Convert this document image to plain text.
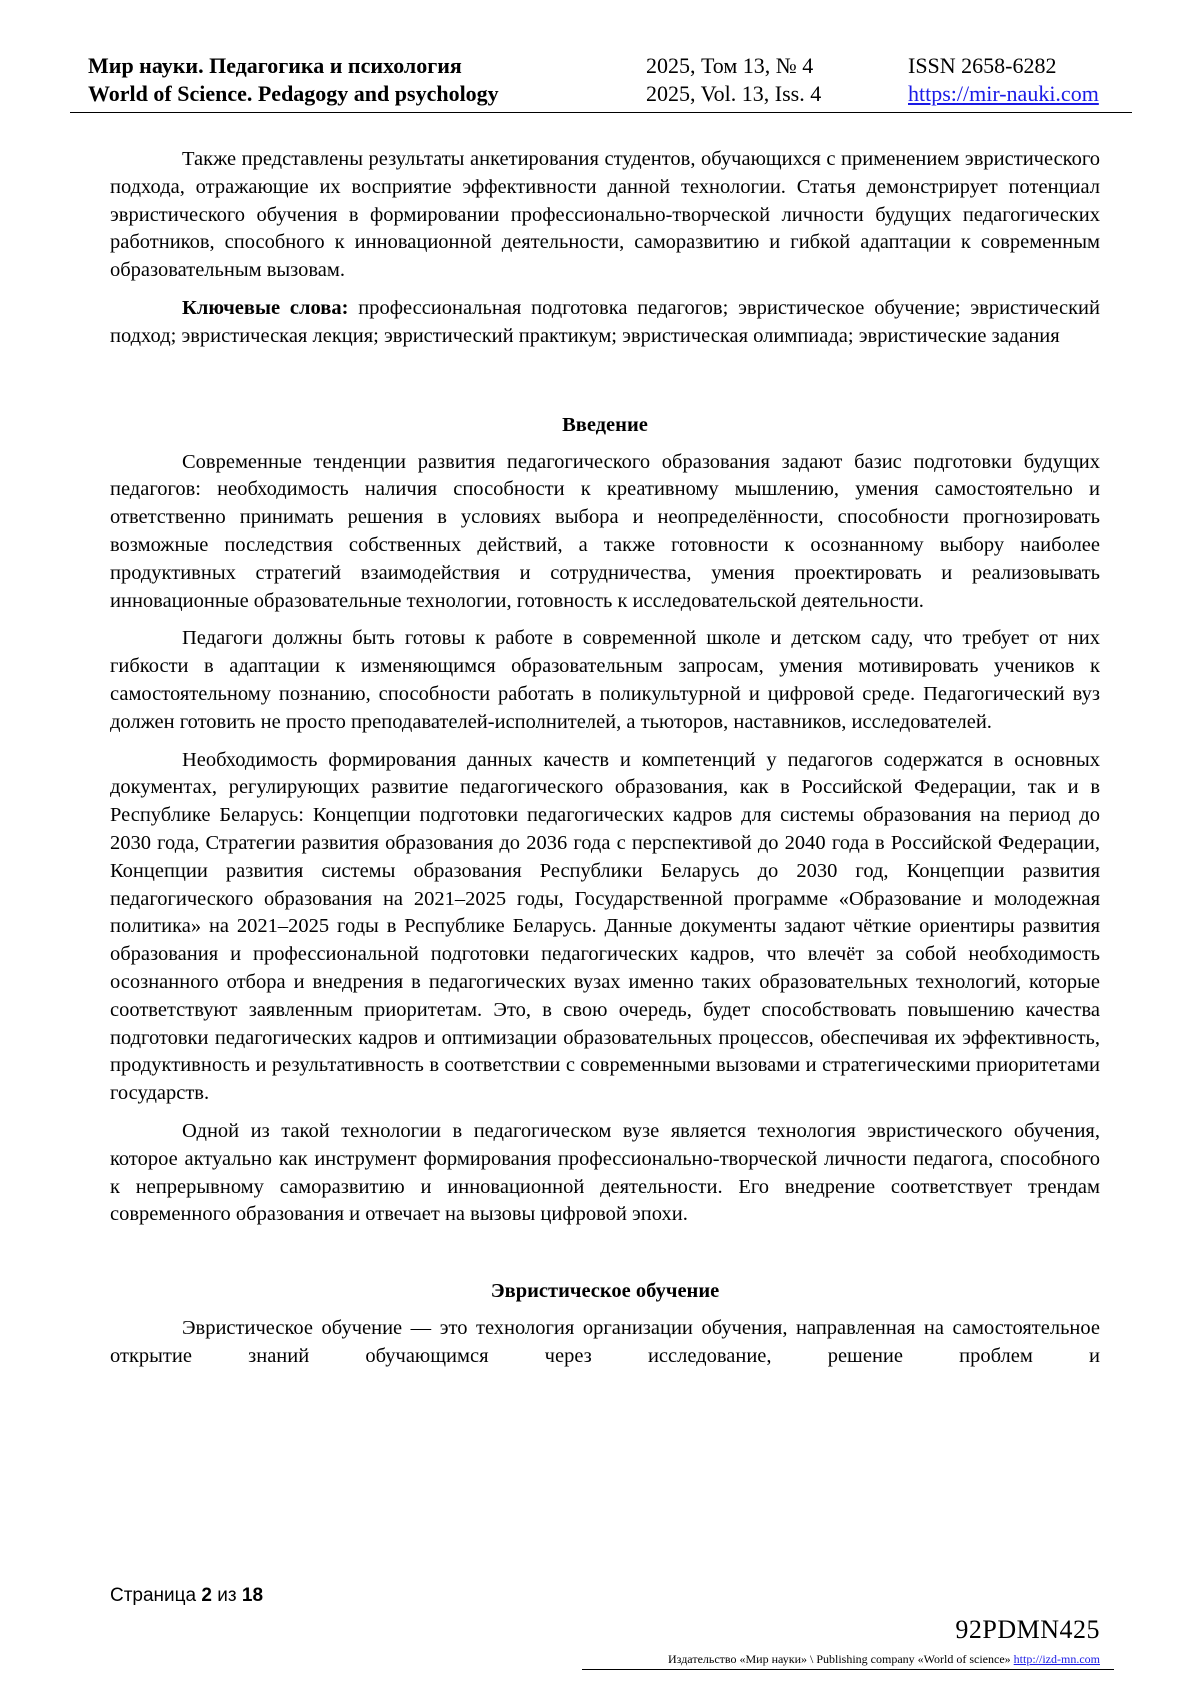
Мир науки. Педагогика и психология
World of Science. Pedagogy and psychology
2025, Том 13, № 4
2025, Vol. 13, Iss. 4
ISSN 2658-6282
https://mir-nauki.com

Также представлены результаты анкетирования студентов, обучающихся с применением эвристического подхода, отражающие их восприятие эффективности данной технологии. Статья демонстрирует потенциал эвристического обучения в формировании профессионально-творческой личности будущих педагогических работников, способного к инновационной деятельности, саморазвитию и гибкой адаптации к современным образовательным вызовам.

Ключевые слова: профессиональная подготовка педагогов; эвристическое обучение; эвристический подход; эвристическая лекция; эвристический практикум; эвристическая олимпиада; эвристические задания

Введение

Современные тенденции развития педагогического образования задают базис подготовки будущих педагогов: необходимость наличия способности к креативному мышлению, умения самостоятельно и ответственно принимать решения в условиях выбора и неопределённости, способности прогнозировать возможные последствия собственных действий, а также готовности к осознанному выбору наиболее продуктивных стратегий взаимодействия и сотрудничества, умения проектировать и реализовывать инновационные образовательные технологии, готовность к исследовательской деятельности.

Педагоги должны быть готовы к работе в современной школе и детском саду, что требует от них гибкости в адаптации к изменяющимся образовательным запросам, умения мотивировать учеников к самостоятельному познанию, способности работать в поликультурной и цифровой среде. Педагогический вуз должен готовить не просто преподавателей-исполнителей, а тьюторов, наставников, исследователей.

Необходимость формирования данных качеств и компетенций у педагогов содержатся в основных документах, регулирующих развитие педагогического образования, как в Российской Федерации, так и в Республике Беларусь: Концепции подготовки педагогических кадров для системы образования на период до 2030 года, Стратегии развития образования до 2036 года с перспективой до 2040 года в Российской Федерации, Концепции развития системы образования Республики Беларусь до 2030 год, Концепции развития педагогического образования на 2021–2025 годы, Государственной программе «Образование и молодежная политика» на 2021–2025 годы в Республике Беларусь. Данные документы задают чёткие ориентиры развития образования и профессиональной подготовки педагогических кадров, что влечёт за собой необходимость осознанного отбора и внедрения в педагогических вузах именно таких образовательных технологий, которые соответствуют заявленным приоритетам. Это, в свою очередь, будет способствовать повышению качества подготовки педагогических кадров и оптимизации образовательных процессов, обеспечивая их эффективность, продуктивность и результативность в соответствии с современными вызовами и стратегическими приоритетами государств.

Одной из такой технологии в педагогическом вузе является технология эвристического обучения, которое актуально как инструмент формирования профессионально-творческой личности педагога, способного к непрерывному саморазвитию и инновационной деятельности. Его внедрение соответствует трендам современного образования и отвечает на вызовы цифровой эпохи.

Эвристическое обучение

Эвристическое обучение — это технология организации обучения, направленная на самостоятельное открытие знаний обучающимся через исследование, решение проблем и

Страница 2 из 18
92PDMN425
Издательство «Мир науки» \ Publishing company «World of science» http://izd-mn.com
